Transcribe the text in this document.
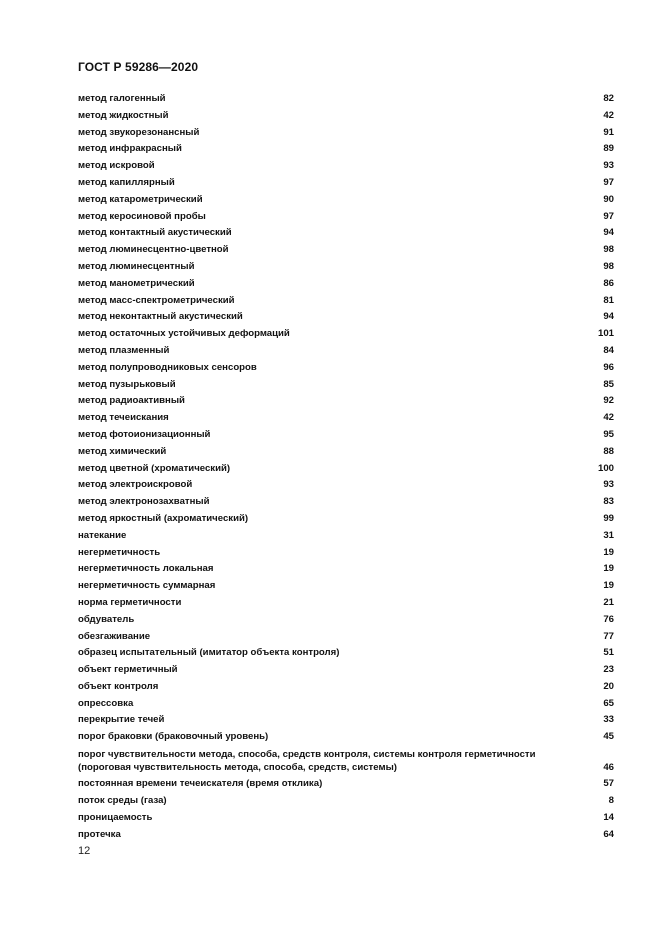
ГОСТ Р 59286—2020
метод галогенный	82
метод жидкостный	42
метод звукорезонансный	91
метод инфракрасный	89
метод искровой	93
метод капиллярный	97
метод катарометрический	90
метод керосиновой пробы	97
метод контактный акустический	94
метод люминесцентно-цветной	98
метод люминесцентный	98
метод манометрический	86
метод масс-спектрометрический	81
метод неконтактный акустический	94
метод остаточных устойчивых деформаций	101
метод плазменный	84
метод полупроводниковых сенсоров	96
метод пузырьковый	85
метод радиоактивный	92
метод течеискания	42
метод фотоионизационный	95
метод химический	88
метод цветной (хроматический)	100
метод электроискровой	93
метод электронозахватный	83
метод яркостный (ахроматический)	99
натекание	31
негерметичность	19
негерметичность локальная	19
негерметичность суммарная	19
норма герметичности	21
обдуватель	76
обезгаживание	77
образец испытательный (имитатор объекта контроля)	51
объект герметичный	23
объект контроля	20
опрессовка	65
перекрытие течей	33
порог браковки (браковочный уровень)	45
порог чувствительности метода, способа, средств контроля, системы контроля герметичности
(пороговая чувствительность метода, способа, средств, системы)	46
постоянная времени течеискателя (время отклика)	57
поток среды (газа)	8
проницаемость	14
протечка	64
12
